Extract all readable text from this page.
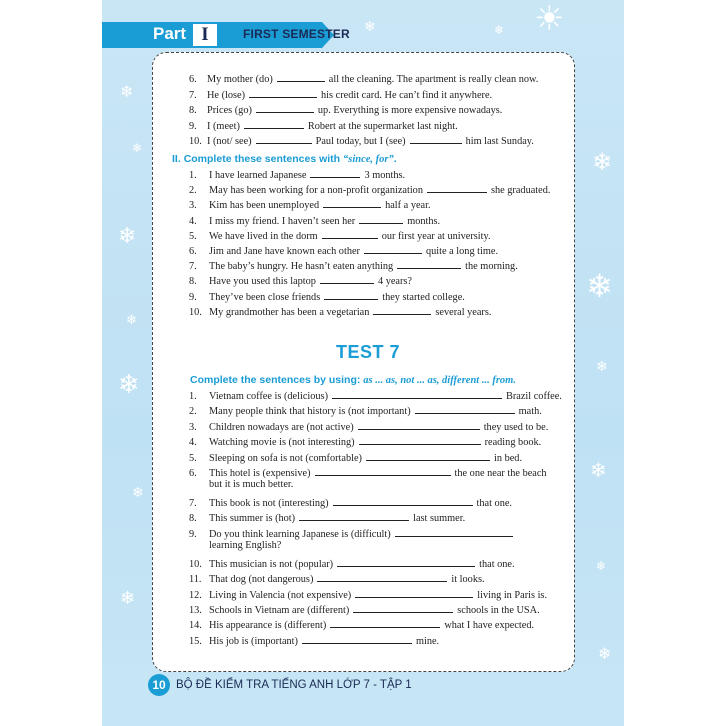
☀
❄
❄
❄
❄
❄
❄
❄
❄
❄
❄
❄
❄
❄
❄	❄
Part I	FIRST SEMESTER
6. My mother (do)	all the cleaning. The apartment is really clean now.
7. He (lose)	his credit card. He can’t find it anywhere.
8. Prices (go)	up. Everything is more expensive nowadays.
9. I (meet)	Robert at the supermarket last night.
10. I (not/ see)	Paul today, but I (see)	him last Sunday.
II. Complete these sentences with “since, for”.
1. I have learned Japanese	3 months.
2. May has been working for a non-profit organization	she graduated.
3. Kim has been unemployed	half a year.
4. I miss my friend. I haven’t seen her	months.
5. We have lived in the dorm	our first year at university.
6. Jim and Jane have known each other	quite a long time.
7. The baby’s hungry. He hasn’t eaten anything	the morning.
8. Have you used this laptop	4 years?
9. They’ve been close friends	they started college.
10. My grandmother has been a vegetarian	several years.
TEST 7
Complete the sentences by using: as ... as, not ... as, different ... from.
1. Vietnam coffee is (delicious)	Brazil coffee.
2. Many people think that history is (not important)	math.
3. Children nowadays are (not active)	they used to be.
4. Watching movie is (not interesting)	reading book.
5. Sleeping on sofa is not (comfortable)	in bed.
6. This hotel is (expensive)	the one near the beach
but it is much better.
7. This book is not (interesting)	that one.
8. This summer is (hot)	last summer.
9. Do you think learning Japanese is (difficult)
learning English?
10. This musician is not (popular)	that one.
11. That dog (not dangerous)	it looks.
12. Living in Valencia (not expensive)	living in Paris is.
13. Schools in Vietnam are (different)	schools in the USA.
14. His appearance is (different)	what I have expected.
15. His job is (important)	mine.
10 BỘ ĐỀ KIỂM TRA TIẾNG ANH LỚP 7 - TẬP 1
